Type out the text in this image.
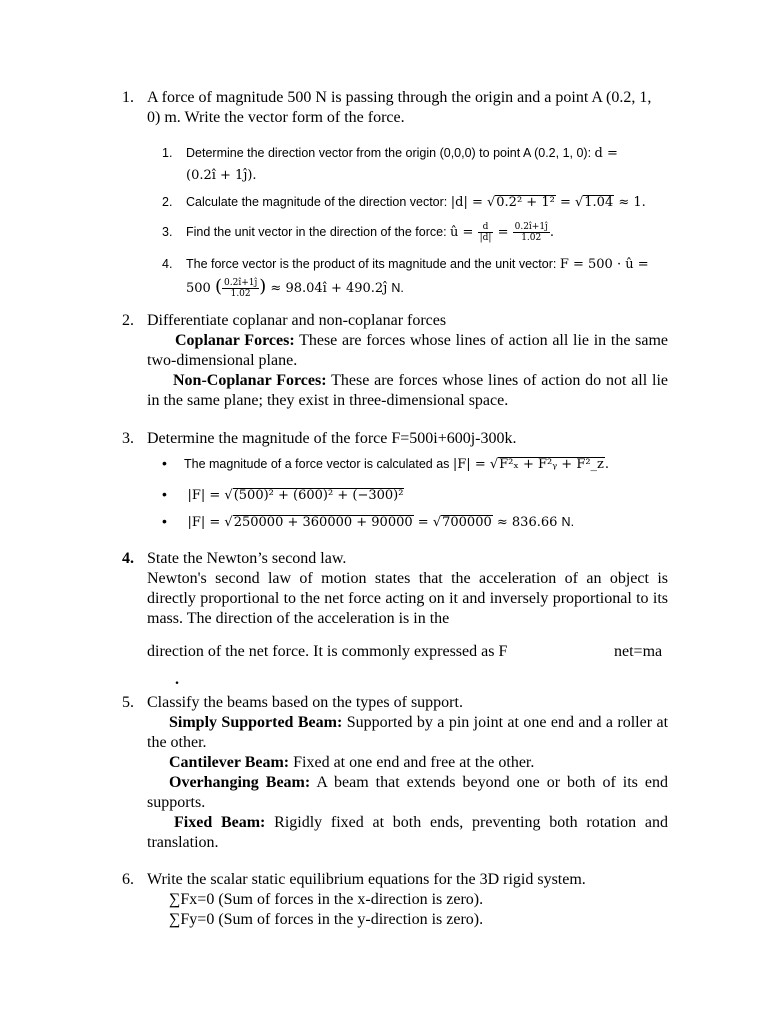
1. A force of magnitude 500 N is passing through the origin and a point A (0.2, 1, 0) m. Write the vector form of the force.
1. Determine the direction vector from the origin (0,0,0) to point A (0.2, 1, 0): d =
(0.2î + 1ĵ).
2. Calculate the magnitude of the direction vector: |d| = √0.2² + 1² = √1.04 ≈ 1.
3. Find the unit vector in the direction of the force: û = $\frac{d}{|d|} = \frac{0.2î+1ĵ}{1.02}$ .
4. The force vector is the product of its magnitude and the unit vector: F = 500 · û =
500 ( $\frac{0.2î+1ĵ}{1.02}$ ) ≈ 98.04î + 490.2ĵ N.
2. Differentiate coplanar and non-coplanar forces
Coplanar Forces: These are forces whose lines of action all lie in the same two-dimensional plane.
Non-Coplanar Forces: These are forces whose lines of action do not all lie in the same plane; they exist in three-dimensional space.
3. Determine the magnitude of the force F=500i+600j-300k.
• The magnitude of a force vector is calculated as |F| = √F²ₓ + F²ᵧ + F²_z.
• |F| = √(500)² + (600)² + (−300)²
• |F| = √250000 + 360000 + 90000 = √700000 ≈ 836.66 N.
4. State the Newton’s second law.
Newton's second law of motion states that the acceleration of an object is directly proportional to the net force acting on it and inversely proportional to its mass. The direction of the acceleration is in the
direction of the net force. It is commonly expressed as F	net=ma
.
5. Classify the beams based on the types of support.
Simply Supported Beam: Supported by a pin joint at one end and a roller at the other.
Cantilever Beam: Fixed at one end and free at the other.
Overhanging Beam: A beam that extends beyond one or both of its end supports.
Fixed Beam: Rigidly fixed at both ends, preventing both rotation and translation.
6. Write the scalar static equilibrium equations for the 3D rigid system.
∑Fx=0 (Sum of forces in the x-direction is zero).
∑Fy=0 (Sum of forces in the y-direction is zero).
